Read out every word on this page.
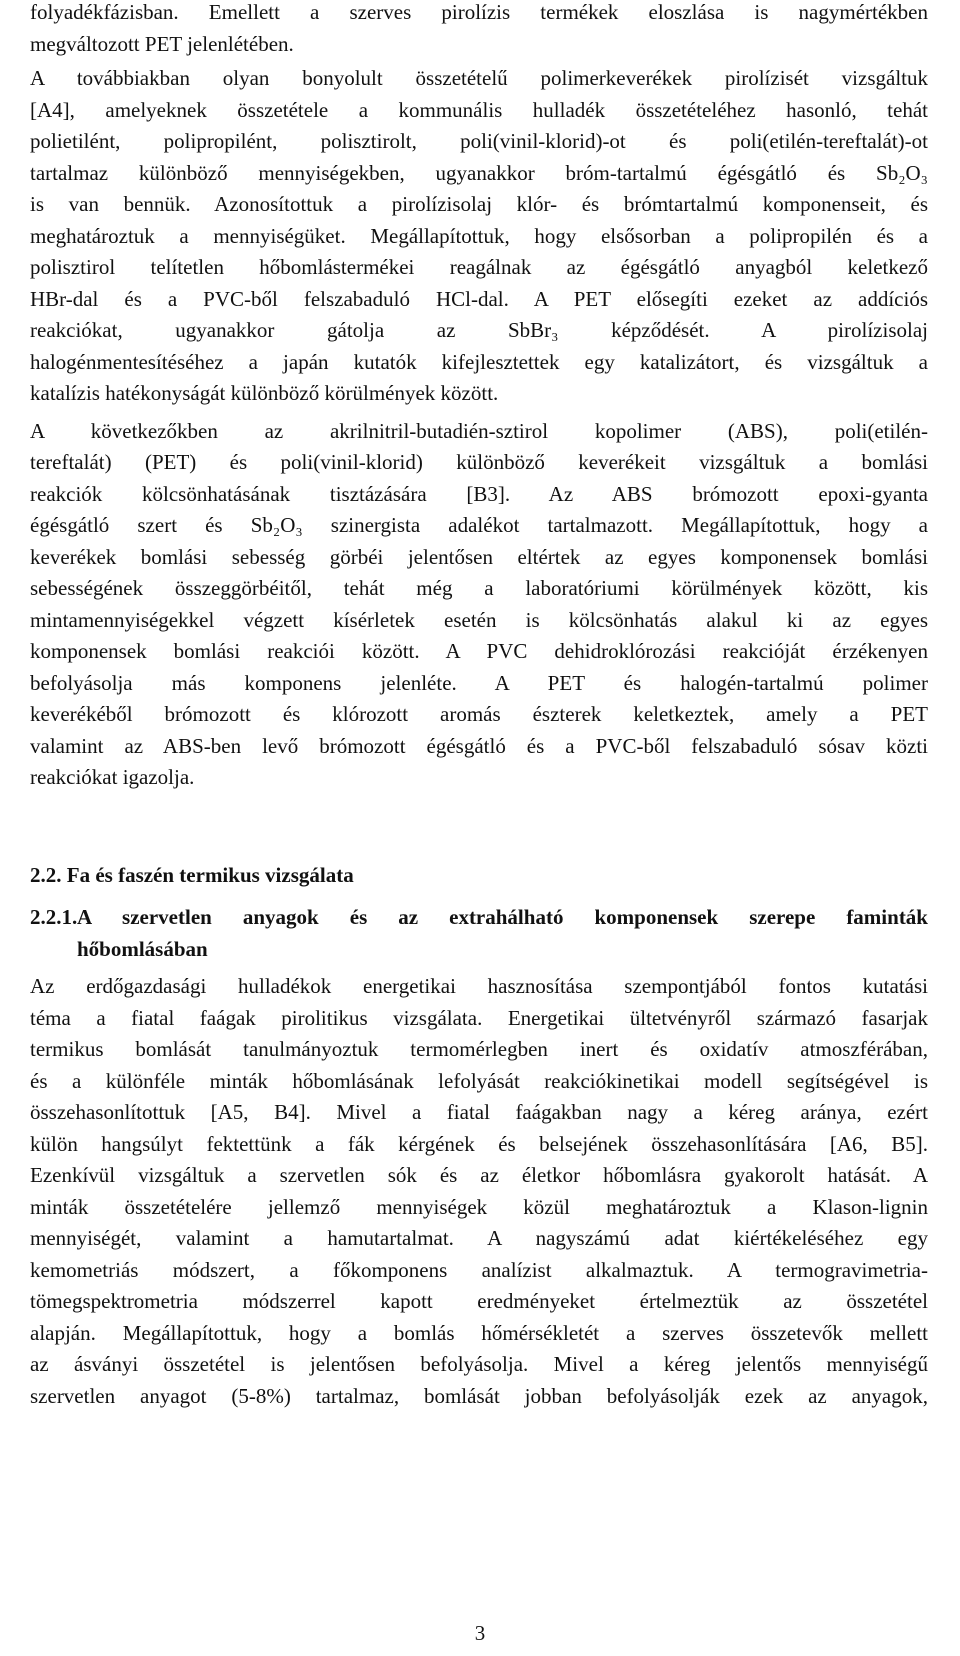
folyadékfázisban. Emellett a szerves pirolízis termékek eloszlása is nagymértékben
megváltozott PET jelenlétében.
A továbbiakban olyan bonyolult összetételű polimerkeverékek pirolízisét vizsgáltuk
[A4], amelyeknek összetétele a kommunális hulladék összetételéhez hasonló, tehát
polietilént, polipropilént, polisztirolt, poli(vinil-klorid)-ot és poli(etilén-tereftalát)-ot
tartalmaz különböző mennyiségekben, ugyanakkor bróm-tartalmú égésgátló és Sb₂O₃
is van bennük. Azonosítottuk a pirolízisolaj klór- és brómtartalmú komponenseit, és
meghatároztuk a mennyiségüket. Megállapítottuk, hogy elsősorban a polipropilén és a
polisztirol telítetlen hőbomlástermékei reagálnak az égésgátló anyagból keletkező
HBr-dal és a PVC-ből felszabaduló HCl-dal. A PET elősegíti ezeket az addíciós
reakciókat, ugyanakkor gátolja az SbBr₃ képződését. A pirolízisolaj
halogénmentesítéséhez a japán kutatók kifejlesztettek egy katalizátort, és vizsgáltuk a
katalízis hatékonyságát különböző körülmények között.
A következőkben az akrilnitril-butadién-sztirol kopolimer (ABS), poli(etilén-
tereftalát) (PET) és poli(vinil-klorid) különböző keverékeit vizsgáltuk a bomlási
reakciók kölcsönhatásának tisztázására [B3]. Az ABS brómozott epoxi-gyanta
égésgátló szert és Sb₂O₃ szinergista adalékot tartalmazott. Megállapítottuk, hogy a
keverékek bomlási sebesség görbéi jelentősen eltértek az egyes komponensek bomlási
sebességének összeggörbéitől, tehát még a laboratóriumi körülmények között, kis
mintamennyiségekkel végzett kísérletek esetén is kölcsönhatás alakul ki az egyes
komponensek bomlási reakciói között. A PVC dehidroklórozási reakcióját érzékenyen
befolyásolja más komponens jelenléte. A PET és halogén-tartalmú polimer
keverékéből brómozott és klórozott aromás észterek keletkeztek, amely a PET
valamint az ABS-ben levő brómozott égésgátló és a PVC-ből felszabaduló sósav közti
reakciókat igazolja.
2.2. Fa és faszén termikus vizsgálata
2.2.1. A szervetlen anyagok és az extrahálható komponensek szerepe faminták
hőbomlásában
Az erdőgazdasági hulladékok energetikai hasznosítása szempontjából fontos kutatási
téma a fiatal faágak pirolitikus vizsgálata. Energetikai ültetvényről származó fasarjak
termikus bomlását tanulmányoztuk termomérlegben inert és oxidatív atmoszférában,
és a különféle minták hőbomlásának lefolyását reakciókinetikai modell segítségével is
összehasonlítottuk [A5, B4]. Mivel a fiatal faágakban nagy a kéreg aránya, ezért
külön hangsúlyt fektettünk a fák kérgének és belsejének összehasonlítására [A6, B5].
Ezenkívül vizsgáltuk a szervetlen sók és az életkor hőbomlásra gyakorolt hatását. A
minták összetételére jellemző mennyiségek közül meghatároztuk a Klason-lignin
mennyiségét, valamint a hamutartalmat. A nagyszámú adat kiértékeléséhez egy
kemometriás módszert, a főkomponens analízist alkalmaztuk. A termogravimetria-
tömegspektrometria módszerrel kapott eredményeket értelmeztük az összetétel
alapján. Megállapítottuk, hogy a bomlás hőmérsékletét a szerves összetevők mellett
az ásványi összetétel is jelentősen befolyásolja. Mivel a kéreg jelentős mennyiségű
szervetlen anyagot (5-8%) tartalmaz, bomlását jobban befolyásolják ezek az anyagok,
3
